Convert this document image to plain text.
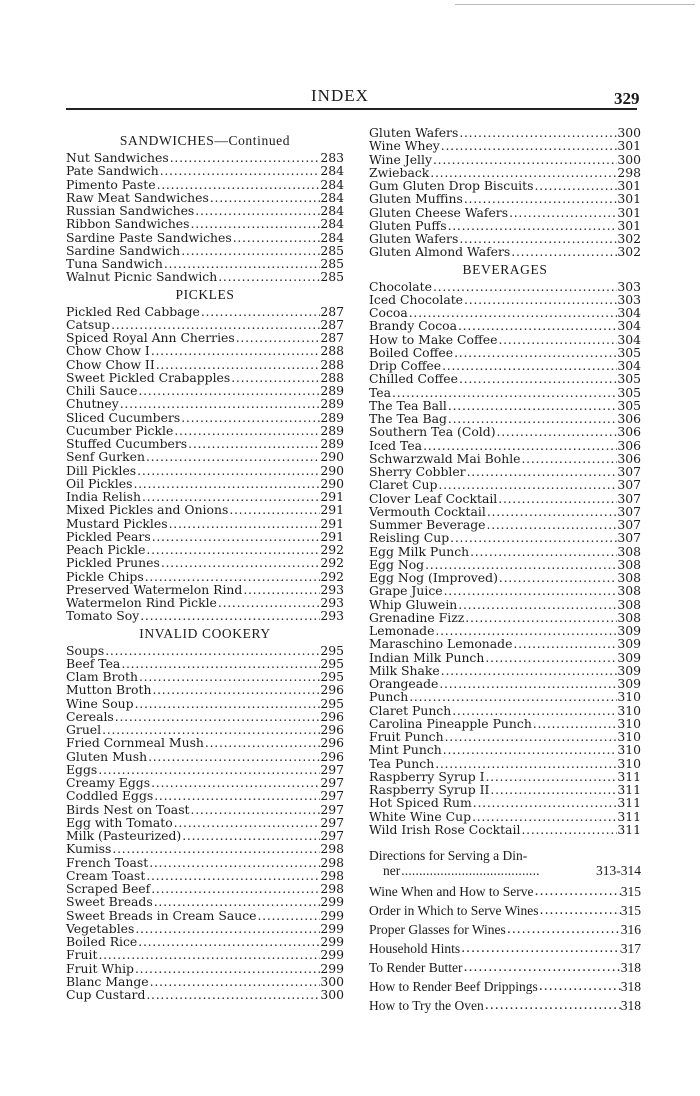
INDEX	329
SANDWICHES—Continued
Nut Sandwiches . . .	283
Pate Sandwich . . .	284
Pimento Paste . . .	284
Raw Meat Sandwiches . . .	284
Russian Sandwiches . . .	284
Ribbon Sandwiches . . .	284
Sardine Paste Sandwiches . . .	284
Sardine Sandwich . . .	285
Tuna Sandwich . . .	285
Walnut Picnic Sandwich . . .	285
PICKLES
Pickled Red Cabbage . . .	287
Catsup . . .	287
Spiced Royal Ann Cherries . . .	287
Chow Chow I . . .	288
Chow Chow II . . .	288
Sweet Pickled Crabapples . . .	288
Chili Sauce . . .	289
Chutney . . .	289
Sliced Cucumbers . . .	289
Cucumber Pickle . . .	289
Stuffed Cucumbers . . .	289
Senf Gurken . . .	290
Dill Pickles . . .	290
Oil Pickles . . .	290
India Relish . . .	291
Mixed Pickles and Onions . . .	291
Mustard Pickles . . .	291
Pickled Pears . . .	291
Peach Pickle . . .	292
Pickled Prunes . . .	292
Pickle Chips . . .	292
Preserved Watermelon Rind . . .	293
Watermelon Rind Pickle . . .	293
Tomato Soy . . .	293
INVALID COOKERY
Soups . . .	295
Beef Tea . . .	295
Clam Broth . . .	295
Mutton Broth . . .	296
Wine Soup . . .	295
Cereals . . .	296
Gruel . . .	296
Fried Cornmeal Mush . . .	296
Gluten Mush . . .	296
Eggs . . .	297
Creamy Eggs . . .	297
Coddled Eggs . . .	297
Birds Nest on Toast . . .	297
Egg with Tomato . . .	297
Milk (Pasteurized) . . .	297
Kumiss . . .	298
French Toast . . .	298
Cream Toast . . .	298
Scraped Beef . . .	298
Sweet Breads . . .	299
Sweet Breads in Cream Sauce . . .	299
Vegetables . . .	299
Boiled Rice . . .	299
Fruit . . .	299
Fruit Whip . . .	299
Blanc Mange . . .	300
Cup Custard . . .	300
Gluten Wafers . . .	300
Wine Whey . . .	301
Wine Jelly . . .	300
Zwieback . . .	298
Gum Gluten Drop Biscuits . . .	301
Gluten Muffins . . .	301
Gluten Cheese Wafers . . .	301
Gluten Puffs . . .	301
Gluten Wafers . . .	302
Gluten Almond Wafers . . .	302
BEVERAGES
Chocolate . . .	303
Iced Chocolate . . .	303
Cocoa . . .	304
Brandy Cocoa . . .	304
How to Make Coffee . . .	304
Boiled Coffee . . .	305
Drip Coffee . . .	304
Chilled Coffee . . .	305
Tea . . .	305
The Tea Ball . . .	305
The Tea Bag . . .	306
Southern Tea (Cold) . . .	306
Iced Tea . . .	306
Schwarzwald Mai Bohle . . .	306
Sherry Cobbler . . .	307
Claret Cup . . .	307
Clover Leaf Cocktail . . .	307
Vermouth Cocktail . . .	307
Summer Beverage . . .	307
Reisling Cup . . .	307
Egg Milk Punch . . .	308
Egg Nog . . .	308
Egg Nog (Improved) . . .	308
Grape Juice . . .	308
Whip Gluwein . . .	308
Grenadine Fizz . . .	308
Lemonade . . .	309
Maraschino Lemonade . . .	309
Indian Milk Punch . . .	309
Milk Shake . . .	309
Orangeade . . .	309
Punch . . .	310
Claret Punch . . .	310
Carolina Pineapple Punch . . .	310
Fruit Punch . . .	310
Mint Punch . . .	310
Tea Punch . . .	310
Raspberry Syrup I . . .	311
Raspberry Syrup II . . .	311
Hot Spiced Rum . . .	311
White Wine Cup . . .	311
Wild Irish Rose Cocktail . . .	311
Directions for Serving a Din-
ner . . .	313-314
Wine When and How to Serve . . .	315
Order in Which to Serve Wines . . .	315
Proper Glasses for Wines . . .	316
Household Hints . . .	317
To Render Butter . . .	318
How to Render Beef Drippings . . .	318
How to Try the Oven . . .	318
